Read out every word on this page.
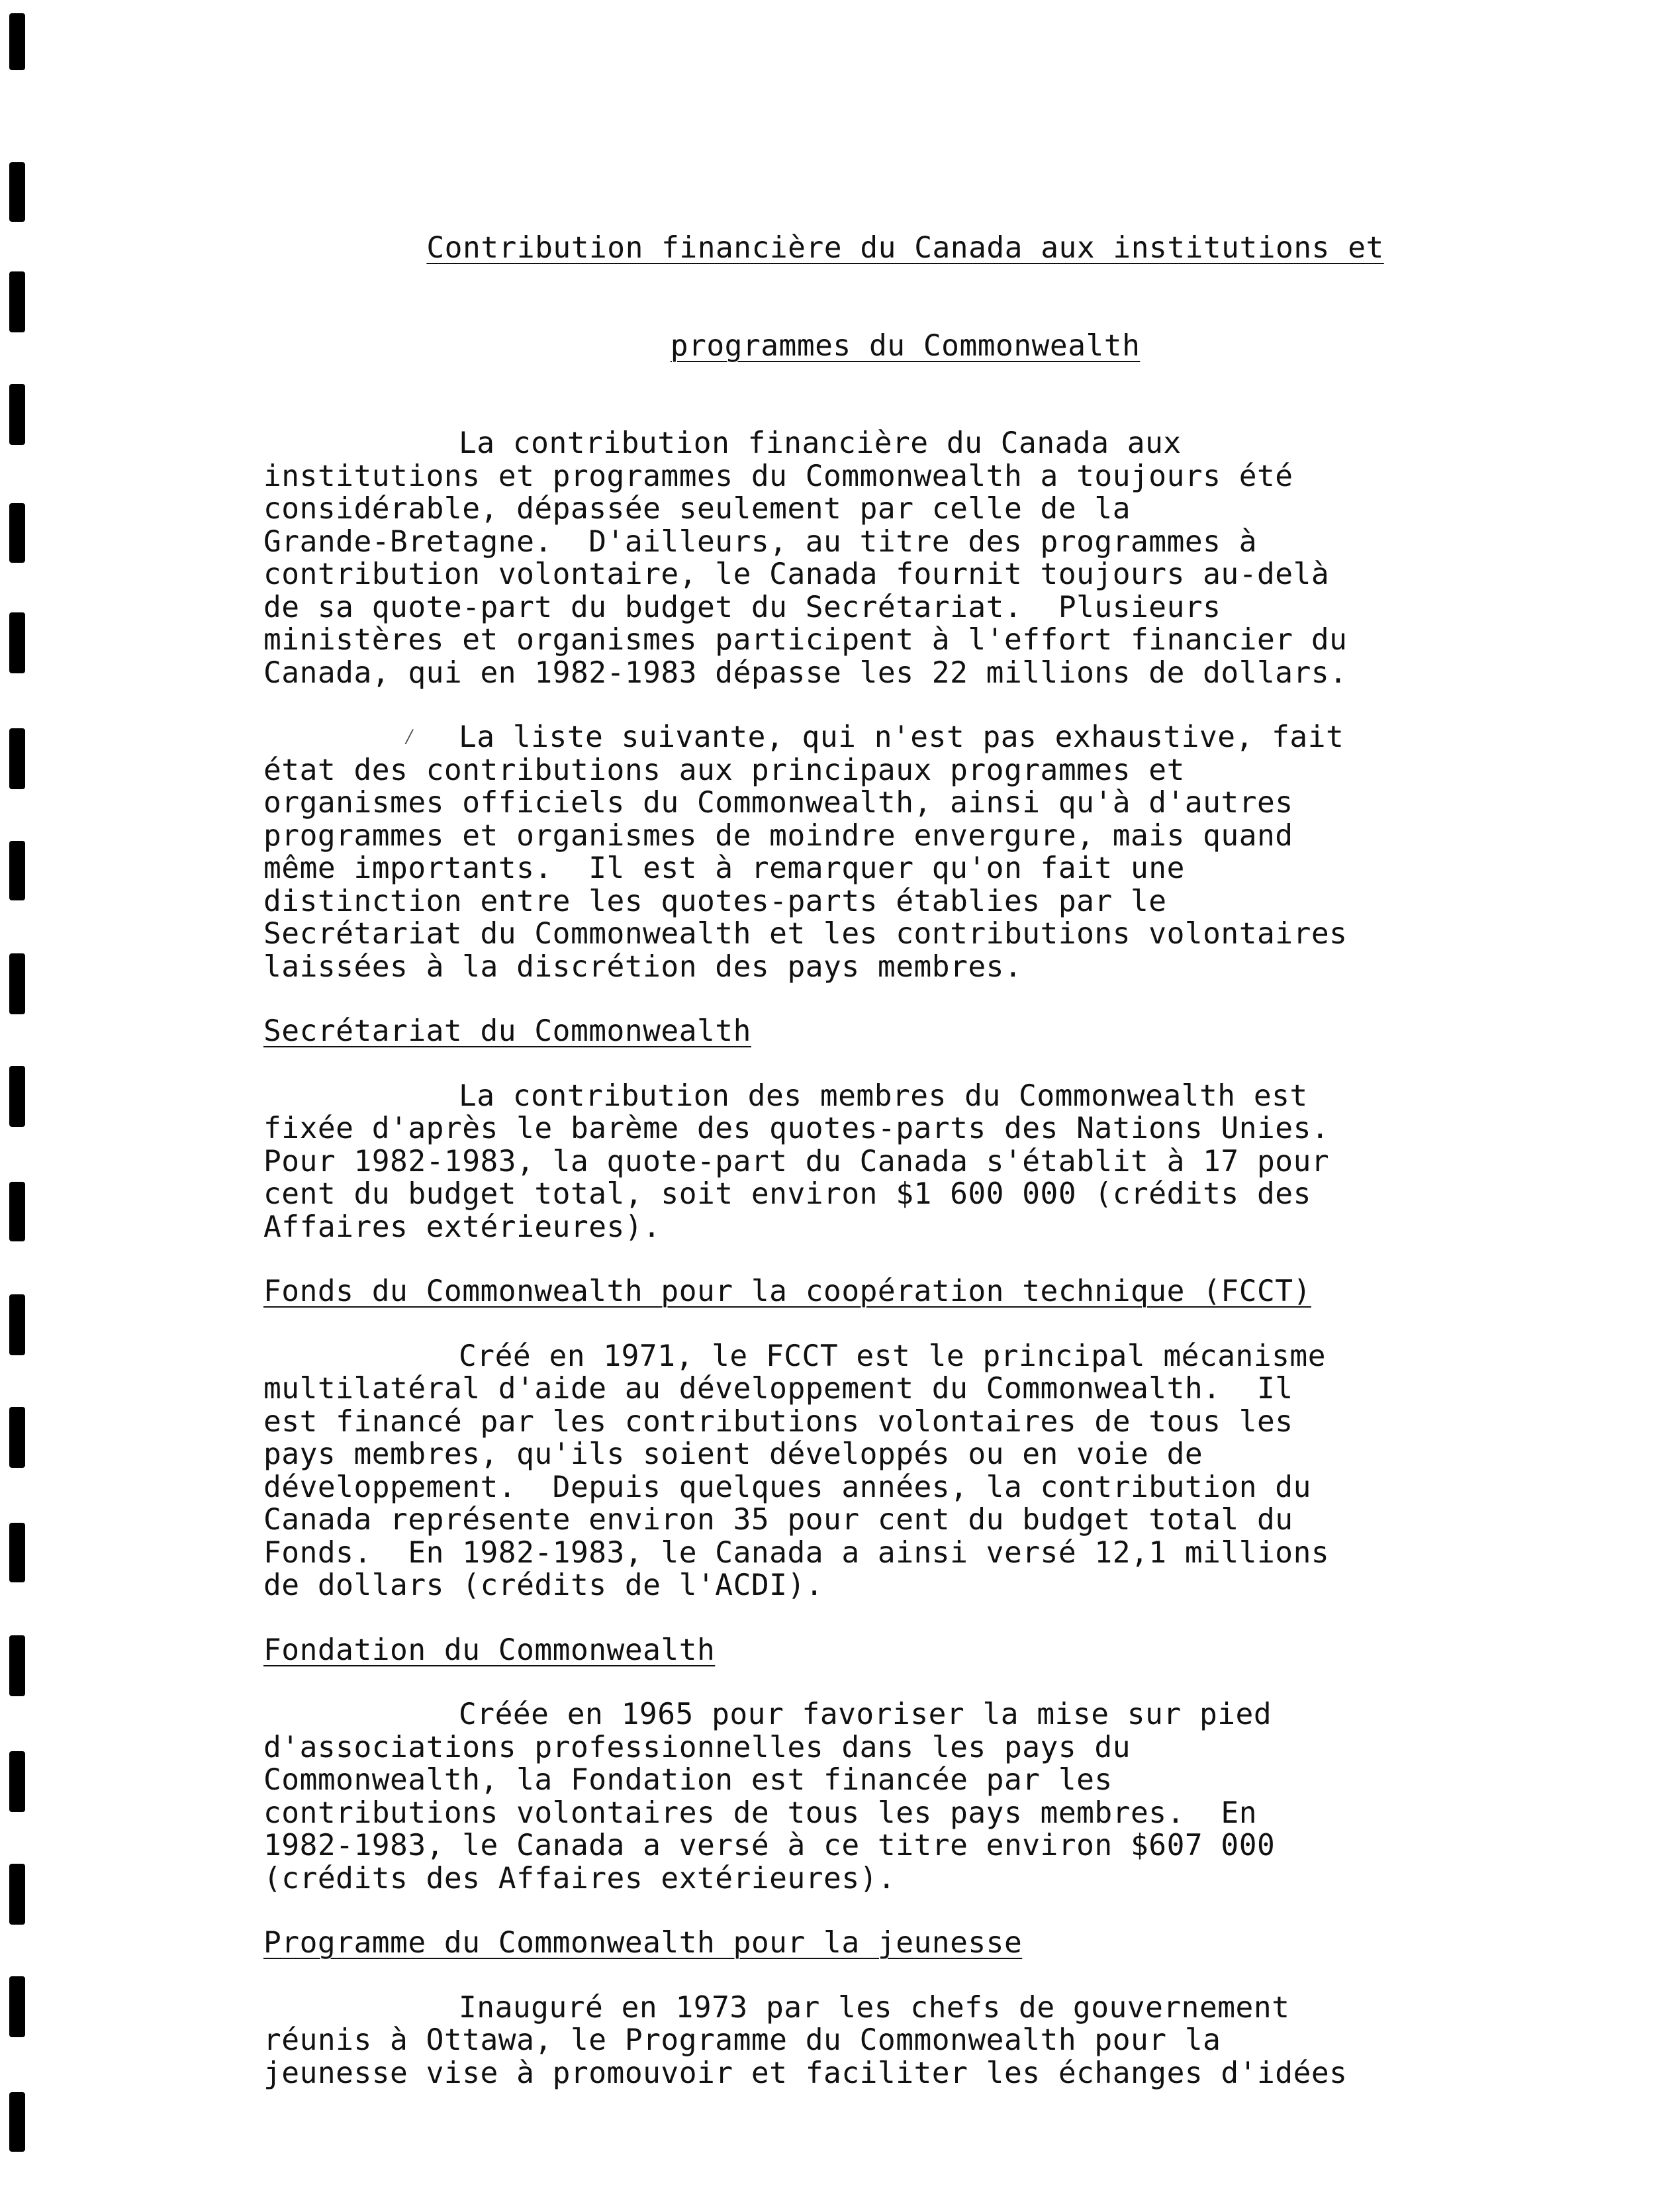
Contribution financière du Canada aux institutions et

programmes du Commonwealth

La contribution financière du Canada aux
institutions et programmes du Commonwealth a toujours été
considérable, dépassée seulement par celle de la
Grande-Bretagne.  D'ailleurs, au titre des programmes à
contribution volontaire, le Canada fournit toujours au-delà
de sa quote-part du budget du Secrétariat.  Plusieurs
ministères et organismes participent à l'effort financier du
Canada, qui en 1982-1983 dépasse les 22 millions de dollars.
⁄ La liste suivante, qui n'est pas exhaustive, fait
état des contributions aux principaux programmes et
organismes officiels du Commonwealth, ainsi qu'à d'autres
programmes et organismes de moindre envergure, mais quand
même importants.  Il est à remarquer qu'on fait une
distinction entre les quotes-parts établies par le
Secrétariat du Commonwealth et les contributions volontaires
laissées à la discrétion des pays membres.
Secrétariat du Commonwealth
La contribution des membres du Commonwealth est
fixée d'après le barème des quotes-parts des Nations Unies.
Pour 1982-1983, la quote-part du Canada s'établit à 17 pour
cent du budget total, soit environ $1 600 000 (crédits des
Affaires extérieures).
Fonds du Commonwealth pour la coopération technique (FCCT)
Créé en 1971, le FCCT est le principal mécanisme
multilatéral d'aide au développement du Commonwealth.  Il
est financé par les contributions volontaires de tous les
pays membres, qu'ils soient développés ou en voie de
développement.  Depuis quelques années, la contribution du
Canada représente environ 35 pour cent du budget total du
Fonds.  En 1982-1983, le Canada a ainsi versé 12,1 millions
de dollars (crédits de l'ACDI).
Fondation du Commonwealth
Créée en 1965 pour favoriser la mise sur pied
d'associations professionnelles dans les pays du
Commonwealth, la Fondation est financée par les
contributions volontaires de tous les pays membres.  En
1982-1983, le Canada a versé à ce titre environ $607 000
(crédits des Affaires extérieures).
Programme du Commonwealth pour la jeunesse
Inauguré en 1973 par les chefs de gouvernement
réunis à Ottawa, le Programme du Commonwealth pour la
jeunesse vise à promouvoir et faciliter les échanges d'idées
